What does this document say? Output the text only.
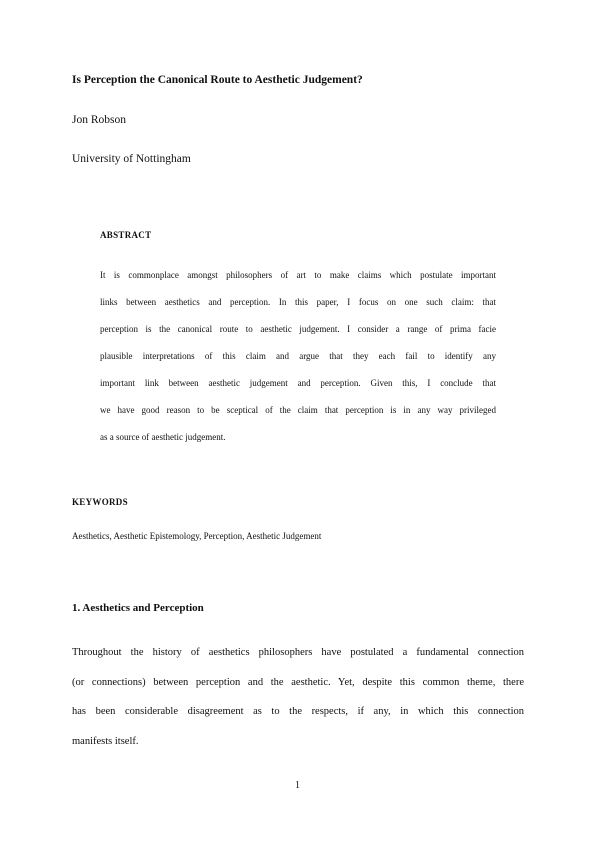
Is Perception the Canonical Route to Aesthetic Judgement?
Jon Robson
University of Nottingham
ABSTRACT
It is commonplace amongst philosophers of art to make claims which postulate important
links between aesthetics and perception. In this paper, I focus on one such claim: that
perception is the canonical route to aesthetic judgement. I consider a range of prima facie
plausible interpretations of this claim and argue that they each fail to identify any
important link between aesthetic judgement and perception. Given this, I conclude that
we have good reason to be sceptical of the claim that perception is in any way privileged
as a source of aesthetic judgement.
KEYWORDS
Aesthetics, Aesthetic Epistemology, Perception, Aesthetic Judgement
1. Aesthetics and Perception
Throughout the history of aesthetics philosophers have postulated a fundamental connection
(or connections) between perception and the aesthetic. Yet, despite this common theme, there
has been considerable disagreement as to the respects, if any, in which this connection
manifests itself.
1
